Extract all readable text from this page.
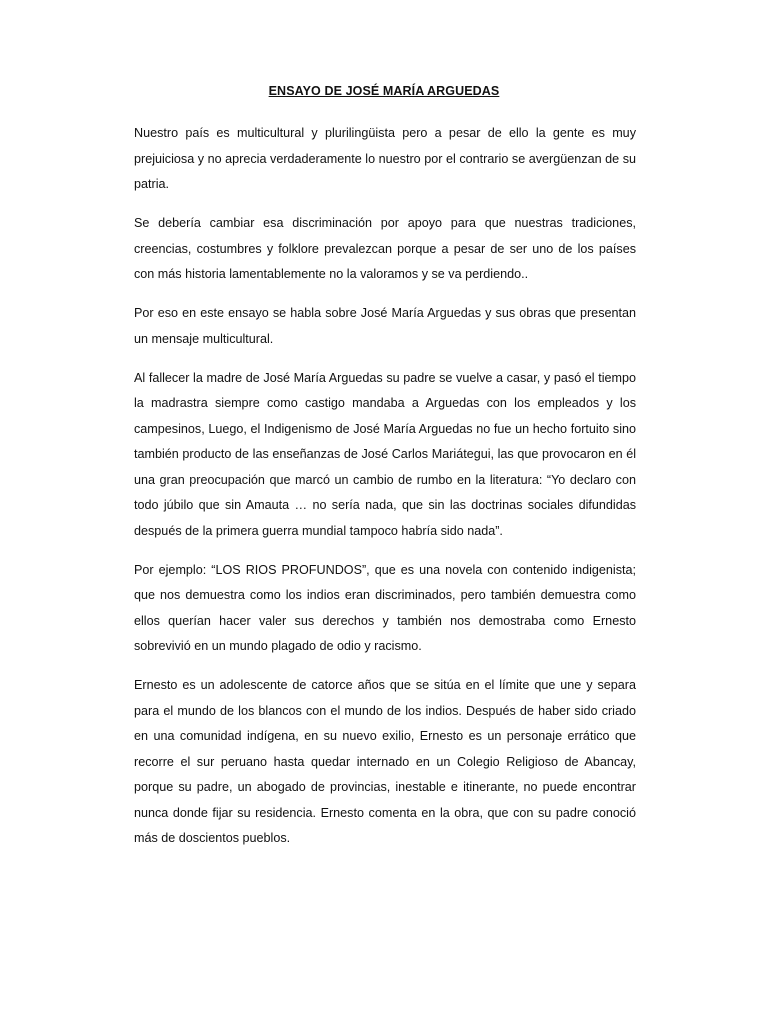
ENSAYO DE JOSÉ MARÍA ARGUEDAS

Nuestro país es multicultural y plurilingüista pero a pesar de ello la gente es muy prejuiciosa y no aprecia verdaderamente lo nuestro por el contrario se avergüenzan de su patria.

Se debería cambiar esa discriminación por apoyo para que nuestras tradiciones, creencias, costumbres y folklore prevalezcan porque a pesar de ser uno de los países con más historia lamentablemente no la valoramos y se va perdiendo..

Por eso en este ensayo se habla sobre José María Arguedas y sus obras que presentan un mensaje multicultural.

Al fallecer la madre de José María Arguedas su padre se vuelve a casar, y pasó el tiempo la madrastra siempre como castigo mandaba a Arguedas con los empleados y los campesinos, Luego, el Indigenismo de José María Arguedas no fue un hecho fortuito sino también producto de las enseñanzas de José Carlos Mariátegui, las que provocaron en él una gran preocupación que marcó un cambio de rumbo en la literatura: “Yo declaro con todo júbilo que sin Amauta … no sería nada, que sin las doctrinas sociales difundidas después de la primera guerra mundial tampoco habría sido nada”.

Por ejemplo: “LOS RIOS PROFUNDOS”, que es una novela con contenido indigenista; que nos demuestra como los indios eran discriminados, pero también demuestra como ellos querían hacer valer sus derechos y también nos demostraba como Ernesto sobrevivió en un mundo plagado de odio y racismo.

Ernesto es un adolescente de catorce años que se sitúa en el límite que une y separa para el mundo de los blancos con el mundo de los indios. Después de haber sido criado en una comunidad indígena, en su nuevo exilio, Ernesto es un personaje errático que recorre el sur peruano hasta quedar internado en un Colegio Religioso de Abancay, porque su padre, un abogado de provincias, inestable e itinerante, no puede encontrar nunca donde fijar su residencia. Ernesto comenta en la obra, que con su padre conoció más de doscientos pueblos.
